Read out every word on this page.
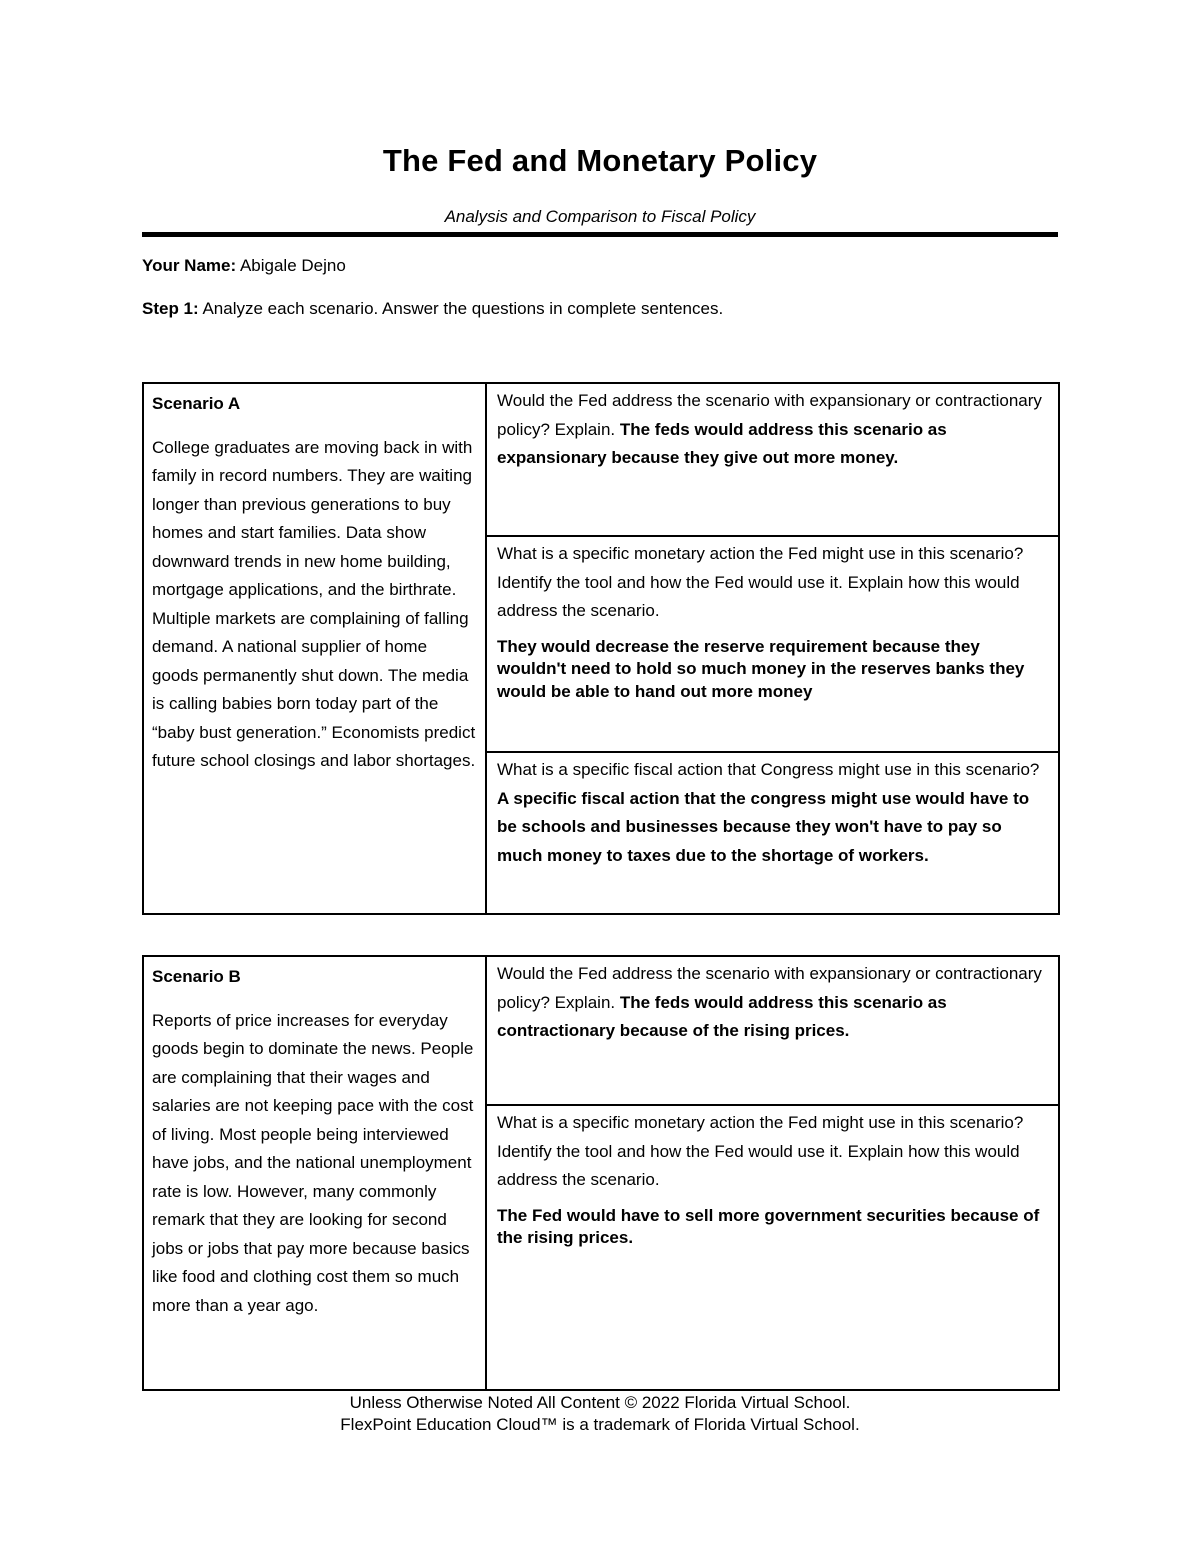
The Fed and Monetary Policy
Analysis and Comparison to Fiscal Policy
Your Name: Abigale Dejno
Step 1: Analyze each scenario. Answer the questions in complete sentences.
Scenario A
College graduates are moving back in with family in record numbers. They are waiting longer than previous generations to buy homes and start families. Data show downward trends in new home building, mortgage applications, and the birthrate. Multiple markets are complaining of falling demand. A national supplier of home goods permanently shut down. The media is calling babies born today part of the “baby bust generation.” Economists predict future school closings and labor shortages.
Would the Fed address the scenario with expansionary or contractionary policy? Explain. The feds would address this scenario as expansionary because they give out more money.
What is a specific monetary action the Fed might use in this scenario? Identify the tool and how the Fed would use it. Explain how this would address the scenario.
They would decrease the reserve requirement because they wouldn't need to hold so much money in the reserves banks they would be able to hand out more money
What is a specific fiscal action that Congress might use in this scenario? A specific fiscal action that the congress might use would have to be schools and businesses because they won't have to pay so much money to taxes due to the shortage of workers.
Scenario B
Reports of price increases for everyday goods begin to dominate the news. People are complaining that their wages and salaries are not keeping pace with the cost of living. Most people being interviewed have jobs, and the national unemployment rate is low. However, many commonly remark that they are looking for second jobs or jobs that pay more because basics like food and clothing cost them so much more than a year ago.
Would the Fed address the scenario with expansionary or contractionary policy? Explain. The feds would address this scenario as contractionary because of the rising prices.
What is a specific monetary action the Fed might use in this scenario? Identify the tool and how the Fed would use it. Explain how this would address the scenario.
The Fed would have to sell more government securities because of the rising prices.
Unless Otherwise Noted All Content © 2022 Florida Virtual School.
FlexPoint Education Cloud™ is a trademark of Florida Virtual School.
